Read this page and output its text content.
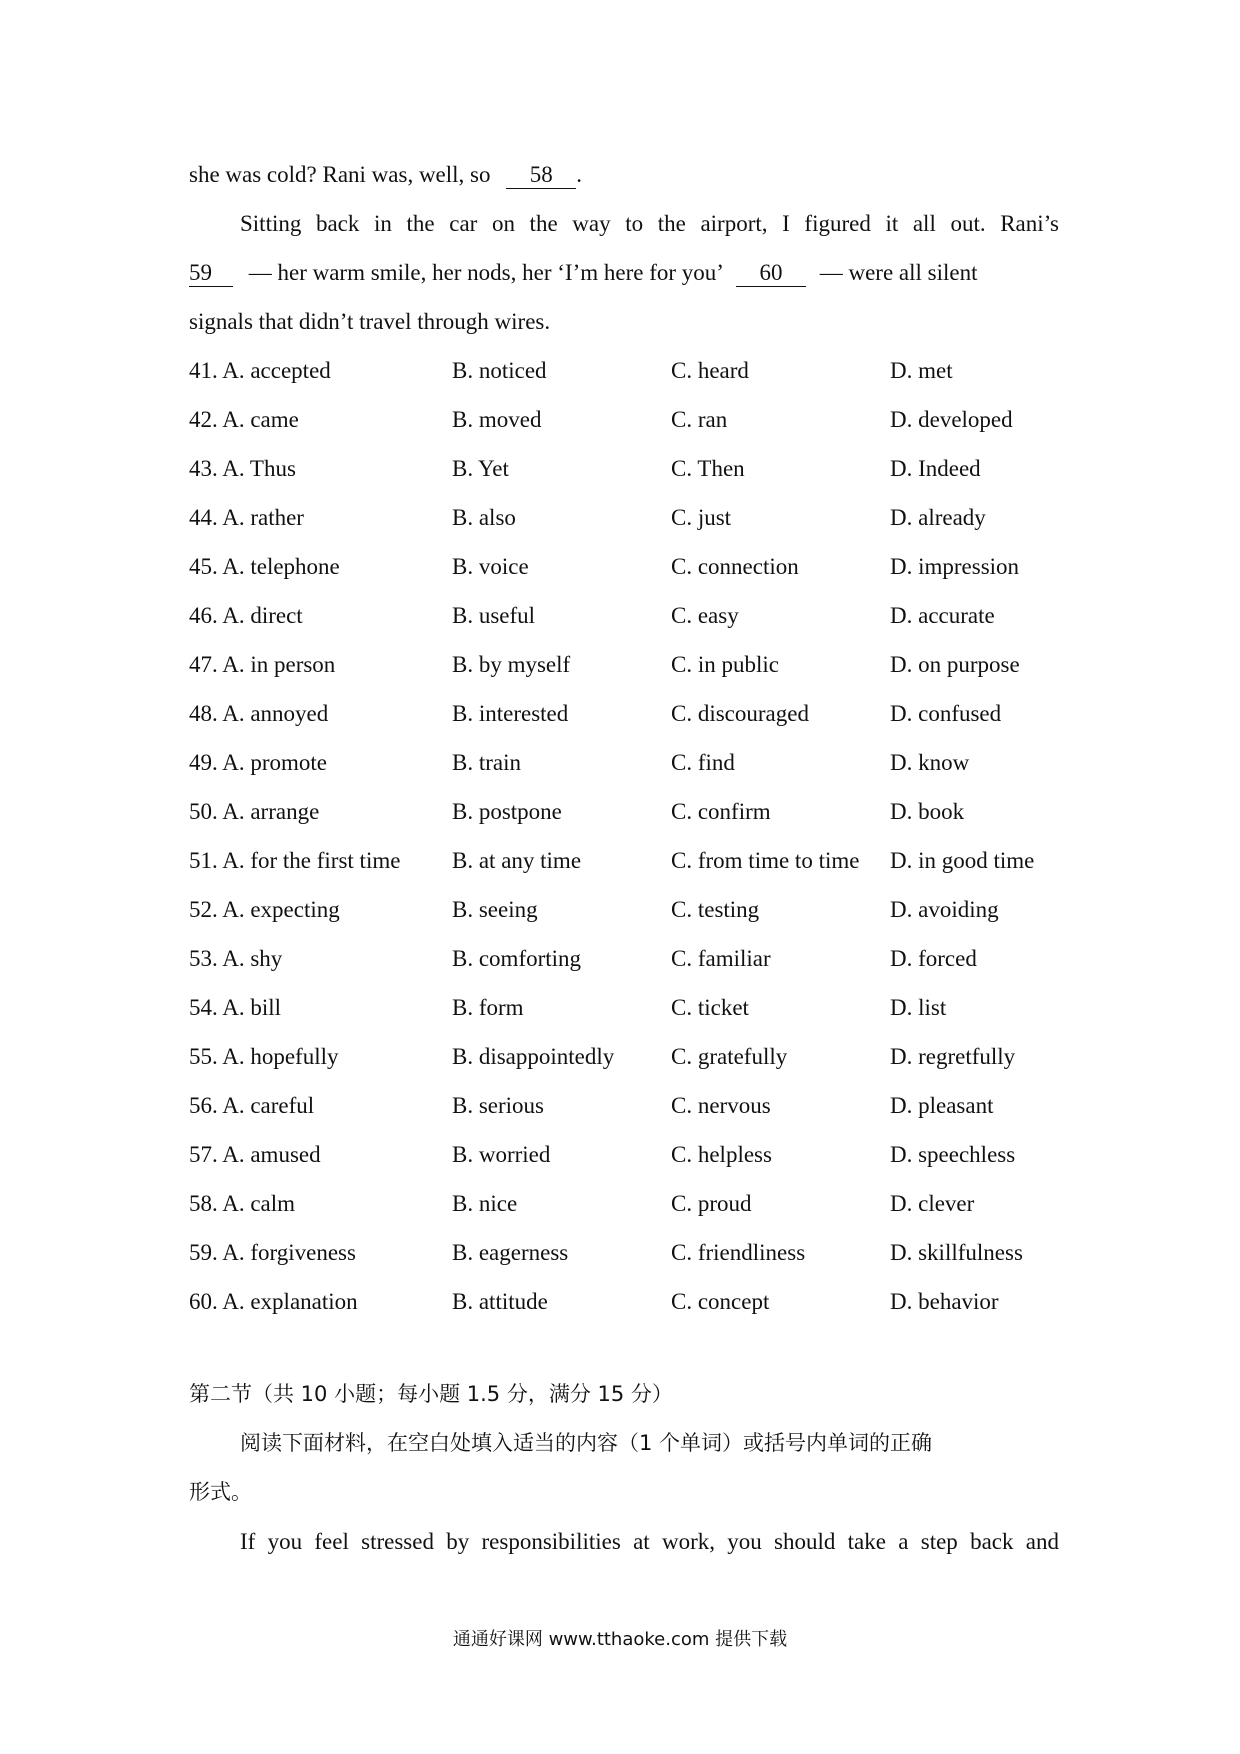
she was cold? Rani was, well, so 58 .
Sitting back in the car on the way to the airport, I figured it all out. Rani’s
59 — her warm smile, her nods, her ‘I’m here for you’ 60 — were all silent
signals that didn’t travel through wires.
41. A. accepted	B. noticed	C. heard	D. met
42. A. came	B. moved	C. ran	D. developed
43. A. Thus	B. Yet	C. Then	D. Indeed
44. A. rather	B. also	C. just	D. already
45. A. telephone	B. voice	C. connection	D. impression
46. A. direct	B. useful	C. easy	D. accurate
47. A. in person	B. by myself	C. in public	D. on purpose
48. A. annoyed	B. interested	C. discouraged	D. confused
49. A. promote	B. train	C. find	D. know
50. A. arrange	B. postpone	C. confirm	D. book
51. A. for the first time B. at any time	C. from time to time D. in good time
52. A. expecting	B. seeing	C. testing	D. avoiding
53. A. shy	B. comforting	C. familiar	D. forced
54. A. bill	B. form	C. ticket	D. list
55. A. hopefully	B. disappointedly C. gratefully	D. regretfully
56. A. careful	B. serious	C. nervous	D. pleasant
57. A. amused	B. worried	C. helpless	D. speechless
58. A. calm	B. nice	C. proud	D. clever
59. A. forgiveness	B. eagerness	C. friendliness	D. skillfulness
60. A. explanation	B. attitude	C. concept	D. behavior
第二节（共 10 小题；每小题 1.5 分，满分 15 分）
阅读下面材料，在空白处填入适当的内容（1 个单词）或括号内单词的正确
形式。
If you feel stressed by responsibilities at work, you should take a step back and
通通好课网 www.tthaoke.com 提供下载
